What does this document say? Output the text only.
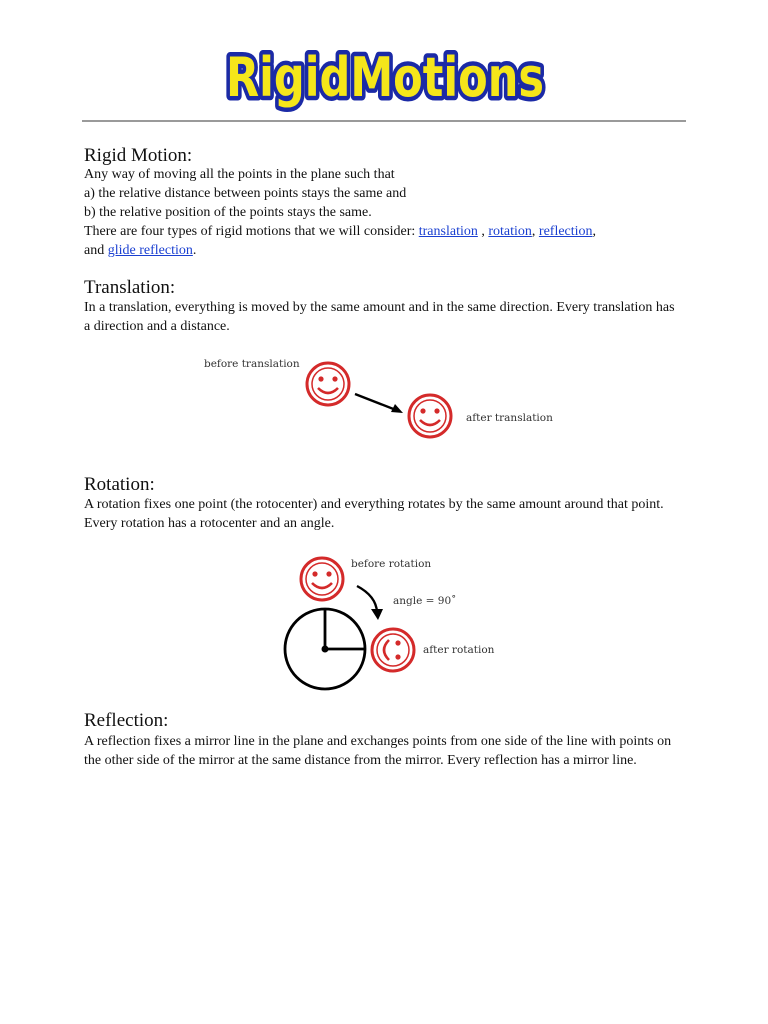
RigidMotions
RigidMotions
Rigid Motion:

Any way of moving all the points in the plane such that

a) the relative distance between points stays the same and

b) the relative position of the points stays the same.

There are four types of rigid motions that we will consider: translation , rotation, reflection,

and glide reflection.

Translation:
In a translation, everything is moved by the same amount and in the same direction. Every translation has a direction and a distance.
before translation
after translation
Rotation:
A rotation fixes one point (the rotocenter) and everything rotates by the same amount around that point. Every rotation has a rotocenter and an angle.
before rotation
angle = 90˚
after rotation
Reflection:
A reflection fixes a mirror line in the plane and exchanges points from one side of the line with points on the other side of the mirror at the same distance from the mirror. Every reflection has a mirror line.
